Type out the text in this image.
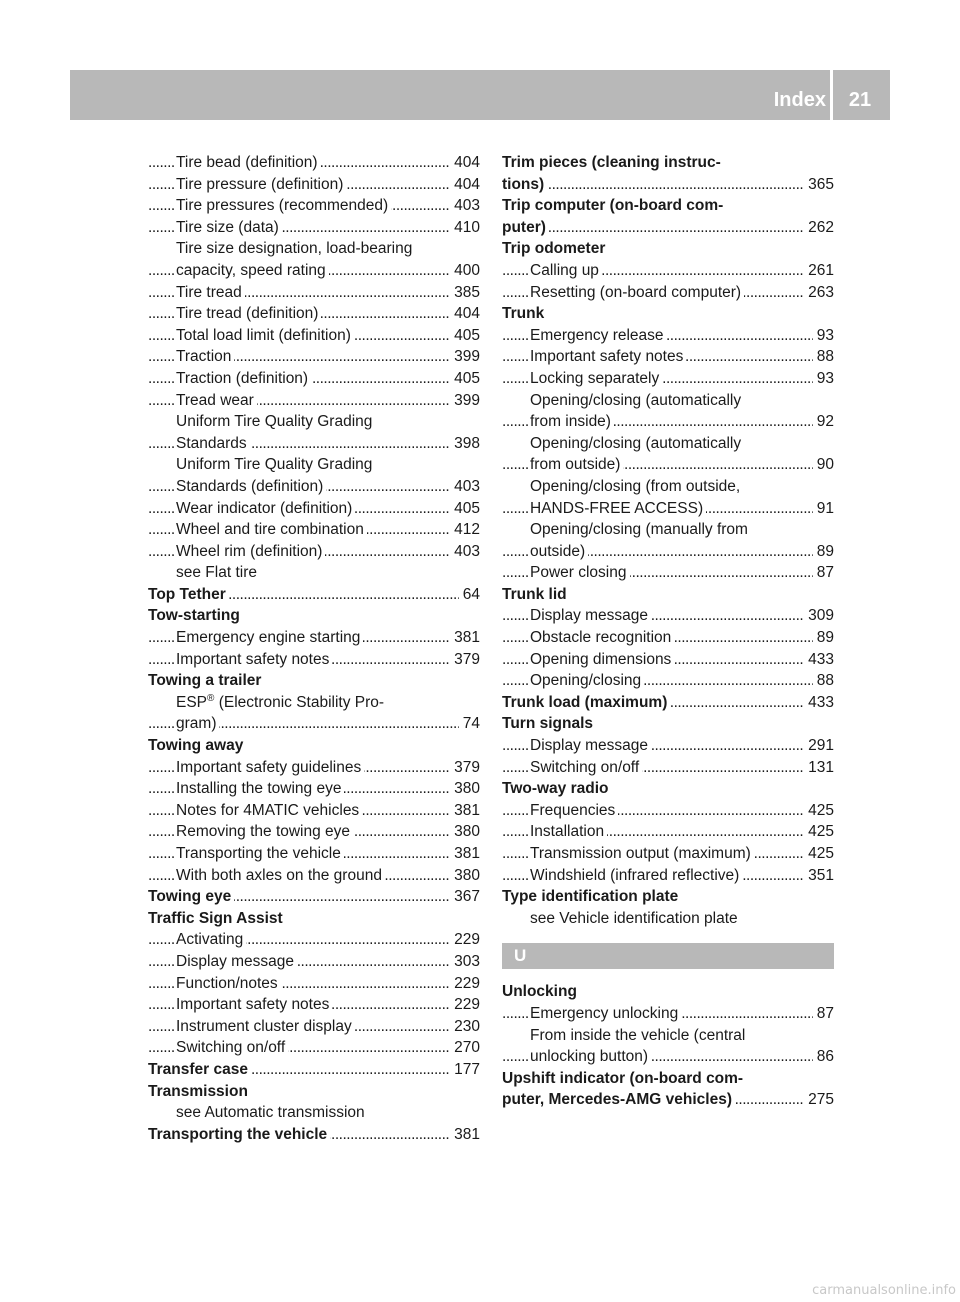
Index	21
Tire bead (definition)	404
. . .
Tire pressure (definition)	404
. . .
Tire pressures (recommended)	403
. . .
Tire size (data)	410
. . .
Tire size designation, load-bearing
capacity, speed rating	400
. . .
Tire tread	385
. . .
Tire tread (definition)	404
. . .
Total load limit (definition)	405
. . .
Traction	399
. . .
Traction (definition)	405
. . .
Tread wear	399
. . .
Uniform Tire Quality Grading
Standards	398
. . .
Uniform Tire Quality Grading
Standards (definition)	403
. . .
Wear indicator (definition)	405
. . .
Wheel and tire combination	412
. . .
Wheel rim (definition)	403
. . .
see Flat tire
Top Tether	64
. . .
Tow-starting
Emergency engine starting	381
. . .
Important safety notes	379
. . .
Towing a trailer
ESP® (Electronic Stability Pro-
gram)	74
. . .
Towing away
Important safety guidelines	379
. . .
Installing the towing eye	380
. . .
Notes for 4MATIC vehicles	381
. . .
Removing the towing eye	380
. . .
Transporting the vehicle	381
. . .
With both axles on the ground	380
. . .
Towing eye	367
. . .
Traffic Sign Assist
Activating	229
. . .
Display message	303
. . .
Function/notes	229
. . .
Important safety notes	229
. . .
Instrument cluster display	230
. . .
Switching on/off	270
. . .
Transfer case	177
. . .
Transmission
see Automatic transmission
Transporting the vehicle	381
. . .
Trim pieces (cleaning instruc-
tions)	365
. . .
Trip computer (on-board com-
puter)	262
. . .
Trip odometer
Calling up	261
. . .
Resetting (on-board computer)	263
. . .
Trunk
Emergency release	93
. . .
Important safety notes	88
. . .
Locking separately	93
. . .
Opening/closing (automatically
from inside)	92
. . .
Opening/closing (automatically
from outside)	90
. . .
Opening/closing (from outside,
HANDS-FREE ACCESS)	91
. . .
Opening/closing (manually from
outside)	89
. . .
Power closing	87
. . .
Trunk lid
Display message	309
. . .
Obstacle recognition	89
. . .
Opening dimensions	433
. . .
Opening/closing	88
. . .
Trunk load (maximum)	433
. . .
Turn signals
Display message	291
. . .
Switching on/off	131
. . .
Two-way radio
Frequencies	425
. . .
Installation	425
. . .
Transmission output (maximum)	425
. . .
Windshield (infrared reflective)	351
. . .
Type identification plate
see Vehicle identification plate
U
Unlocking
Emergency unlocking	87
. . .
From inside the vehicle (central
unlocking button)	86
. . .
Upshift indicator (on-board com-
puter, Mercedes-AMG vehicles)	275
. . .
carmanualsonline.info
